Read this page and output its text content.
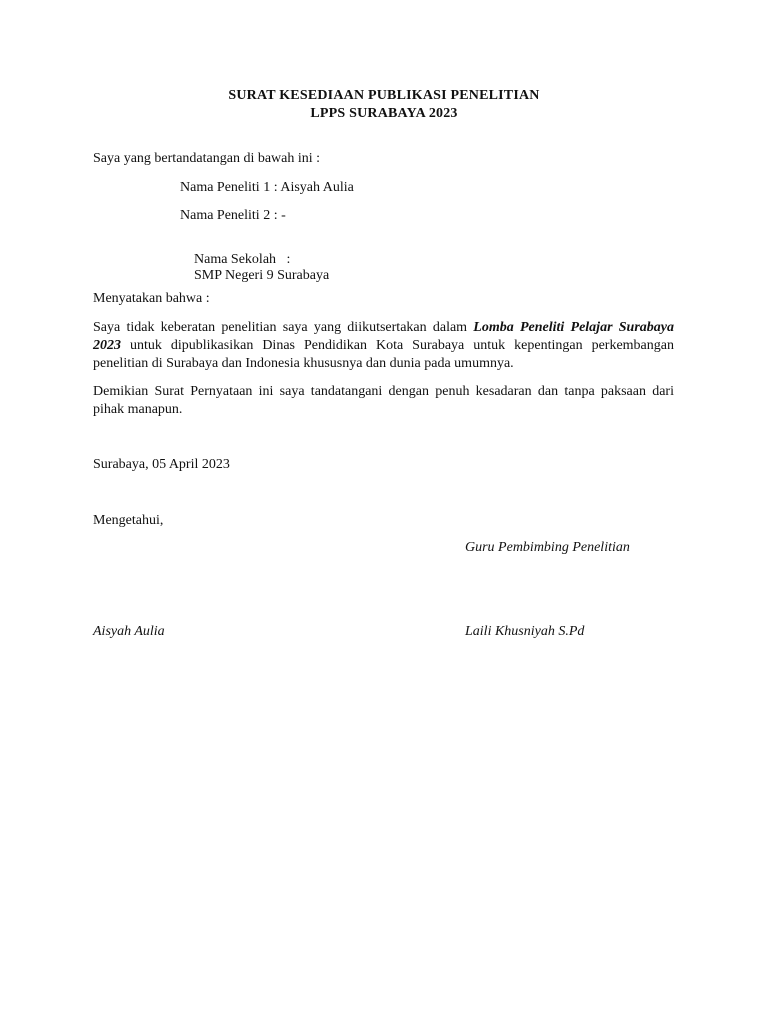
SURAT KESEDIAAN PUBLIKASI PENELITIAN
LPPS SURABAYA 2023
Saya yang bertandatangan di bawah ini :
Nama Peneliti 1 : Aisyah Aulia
Nama Peneliti 2 : -

Nama Sekolah   :
SMP Negeri 9 Surabaya

Menyatakan bahwa :
Saya tidak keberatan penelitian saya yang diikutsertakan dalam Lomba Peneliti Pelajar Surabaya 2023 untuk dipublikasikan Dinas Pendidikan Kota Surabaya untuk kepentingan perkembangan penelitian di Surabaya dan Indonesia khususnya dan dunia pada umumnya.
Demikian Surat Pernyataan ini saya tandatangani dengan penuh kesadaran dan tanpa paksaan dari pihak manapun.
Surabaya, 05 April 2023
Mengetahui,
Guru Pembimbing Penelitian
Aisyah Aulia	Laili Khusniyah S.Pd
